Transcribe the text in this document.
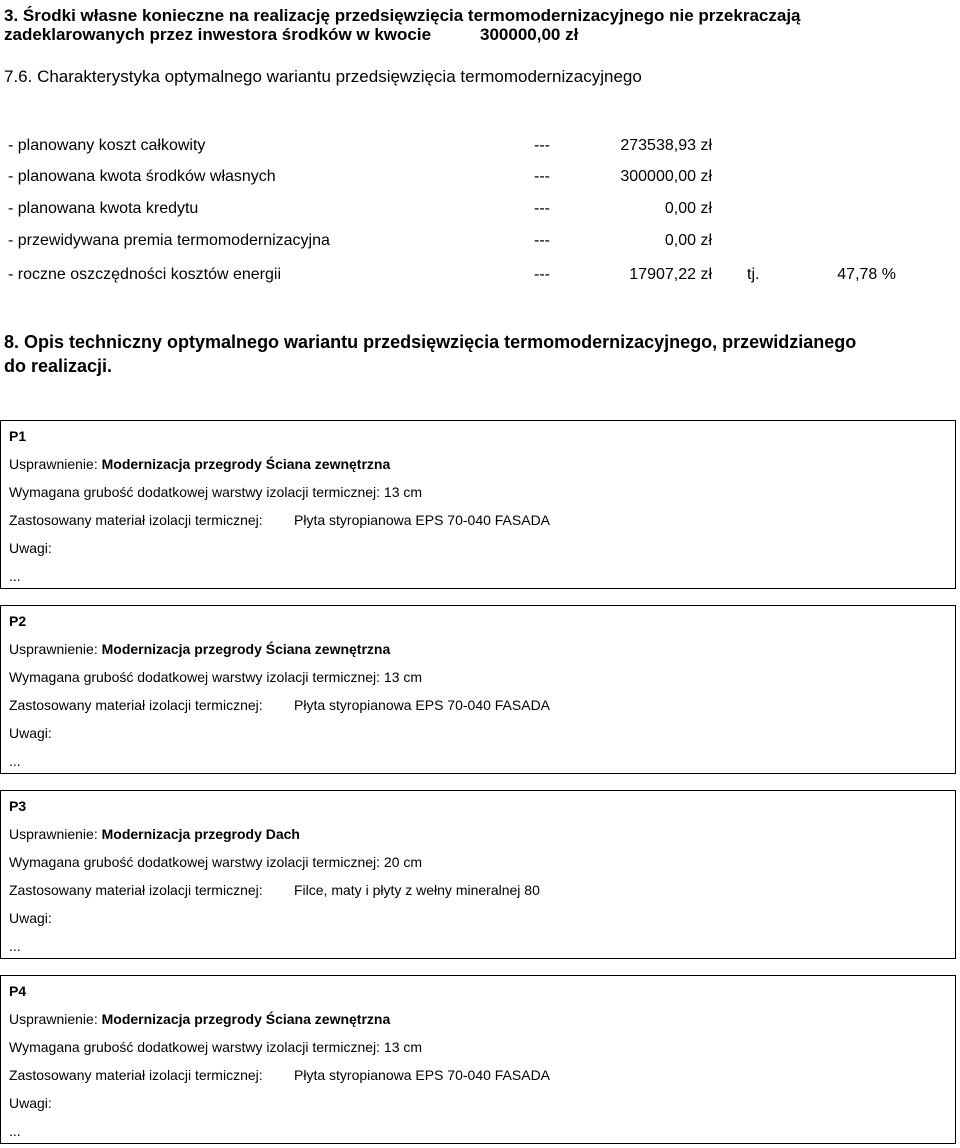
3. Środki własne konieczne na realizację przedsięwzięcia termomodernizacyjnego nie przekraczają
zadeklarowanych przez inwestora środków w kwocie	300000,00 zł
7.6. Charakterystyka optymalnego wariantu przedsięwzięcia termomodernizacyjnego
- planowany koszt całkowity	---	273538,93 zł
- planowana kwota środków własnych	---	300000,00 zł
- planowana kwota kredytu	---	0,00 zł
- przewidywana premia termomodernizacyjna	---	0,00 zł
- roczne oszczędności kosztów energii	---	17907,22 zł tj.	47,78 %
8. Opis techniczny optymalnego wariantu przedsięwzięcia termomodernizacyjnego, przewidzianego
do realizacji.
P1
Usprawnienie: Modernizacja przegrody Ściana zewnętrzna
Wymagana grubość dodatkowej warstwy izolacji termicznej: 13 cm
Zastosowany materiał izolacji termicznej: Płyta styropianowa EPS 70-040 FASADA
Uwagi:
...
P2
Usprawnienie: Modernizacja przegrody Ściana zewnętrzna
Wymagana grubość dodatkowej warstwy izolacji termicznej: 13 cm
Zastosowany materiał izolacji termicznej: Płyta styropianowa EPS 70-040 FASADA
Uwagi:
...
P3
Usprawnienie: Modernizacja przegrody Dach
Wymagana grubość dodatkowej warstwy izolacji termicznej: 20 cm
Zastosowany materiał izolacji termicznej: Filce, maty i płyty z wełny mineralnej 80
Uwagi:
...
P4
Usprawnienie: Modernizacja przegrody Ściana zewnętrzna
Wymagana grubość dodatkowej warstwy izolacji termicznej: 13 cm
Zastosowany materiał izolacji termicznej: Płyta styropianowa EPS 70-040 FASADA
Uwagi:
...
